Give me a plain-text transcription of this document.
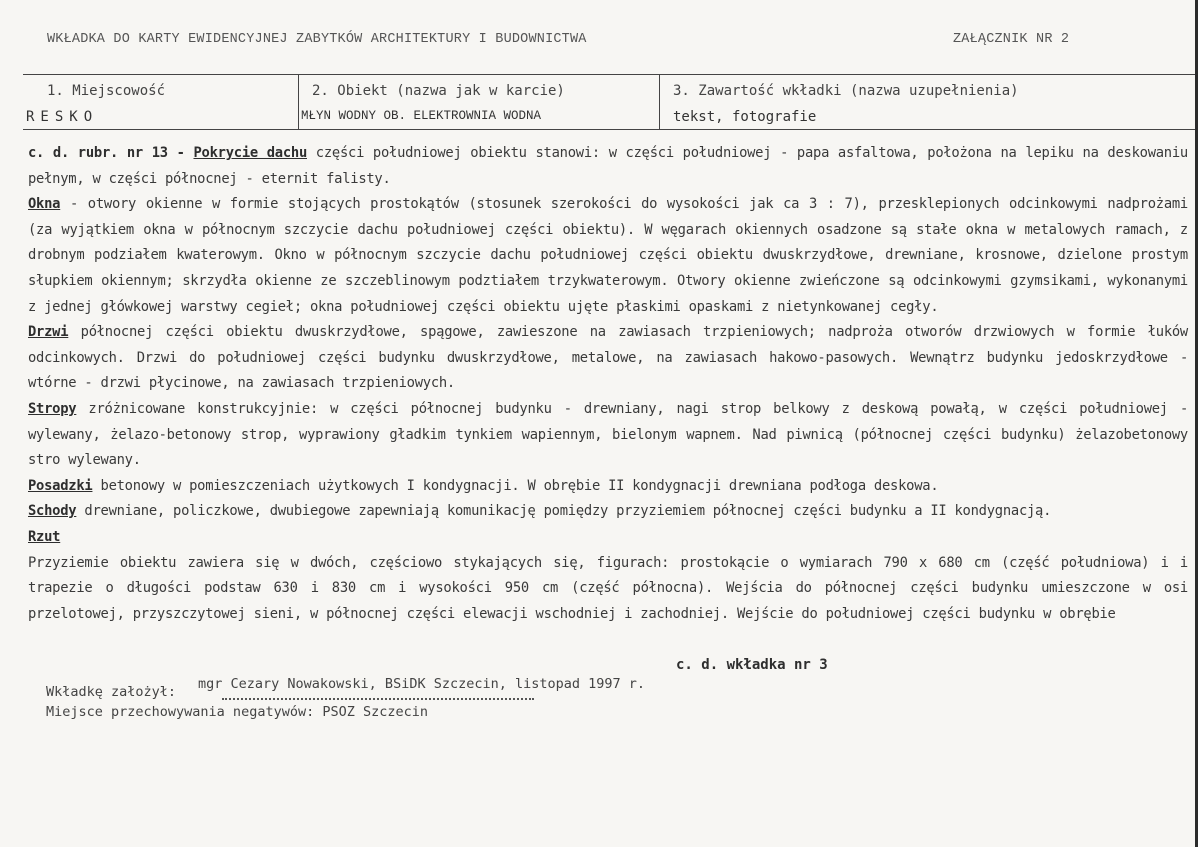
WKŁADKA DO KARTY EWIDENCYJNEJ ZABYTKÓW ARCHITEKTURY I BUDOWNICTWA	ZAŁĄCZNIK NR 2
1. Miejscowość
RESKO
2. Obiekt (nazwa jak w karcie)
MŁYN WODNY OB. ELEKTROWNIA WODNA
3. Zawartość wkładki (nazwa uzupełnienia)
tekst, fotografie

c. d. rubr. nr 13 - Pokrycie dachu części południowej obiektu stanowi: w części południowej - papa asfaltowa, położona na lepiku na deskowaniu pełnym, w części północnej - eternit falisty.

Okna - otwory okienne w formie stojących prostokątów (stosunek szerokości do wysokości jak ca 3 : 7), przesklepionych odcinkowymi nadprożami (za wyjątkiem okna w północnym szczycie dachu południowej części obiektu). W węgarach okiennych osadzone są stałe okna w metalowych ramach, z drobnym podziałem kwaterowym. Okno w północnym szczycie dachu południowej części obiektu dwuskrzydłowe, drewniane, krosnowe, dzielone prostym słupkiem okiennym; skrzydła okienne ze szczeblinowym podztiałem trzykwaterowym. Otwory okienne zwieńczone są odcinkowymi gzymsikami, wykonanymi z jednej główkowej warstwy cegieł; okna południowej części obiektu ujęte płaskimi opaskami z nietynkowanej cegły.

Drzwi północnej części obiektu dwuskrzydłowe, spągowe, zawieszone na zawiasach trzpieniowych; nadproża otworów drzwiowych w formie łuków odcinkowych. Drzwi do południowej części budynku dwuskrzydłowe, metalowe, na zawiasach hakowo-pasowych. Wewnątrz budynku jedoskrzydłowe - wtórne - drzwi płycinowe, na zawiasach trzpieniowych.

Stropy zróżnicowane konstrukcyjnie: w części północnej budynku - drewniany, nagi strop belkowy z deskową powałą, w części południowej - wylewany, żelazo-betonowy strop, wyprawiony gładkim tynkiem wapiennym, bielonym wapnem. Nad piwnicą (północnej części budynku) żelazobetonowy stro wylewany.

Posadzki betonowy w pomieszczeniach użytkowych I kondygnacji. W obrębie II kondygnacji drewniana podłoga deskowa.

Schody drewniane, policzkowe, dwubiegowe zapewniają komunikację pomiędzy przyziemiem północnej części budynku a II kondygnacją.

Rzut

Przyziemie obiektu zawiera się w dwóch, częściowo stykających się, figurach: prostokącie o wymiarach 790 x 680 cm (część południowa) i i trapezie o długości podstaw 630 i 830 cm i wysokości 950 cm (część północna). Wejścia do północnej części budynku umieszczone w osi przelotowej, przyszczytowej sieni, w północnej części elewacji wschodniej i zachodniej. Wejście do południowej części budynku w obrębie

c. d. wkładka nr 3
Wkładkę założył: mgr Cezary Nowakowski, BSiDK Szczecin, listopad 1997 r.
Miejsce przechowywania negatywów: PSOZ Szczecin
